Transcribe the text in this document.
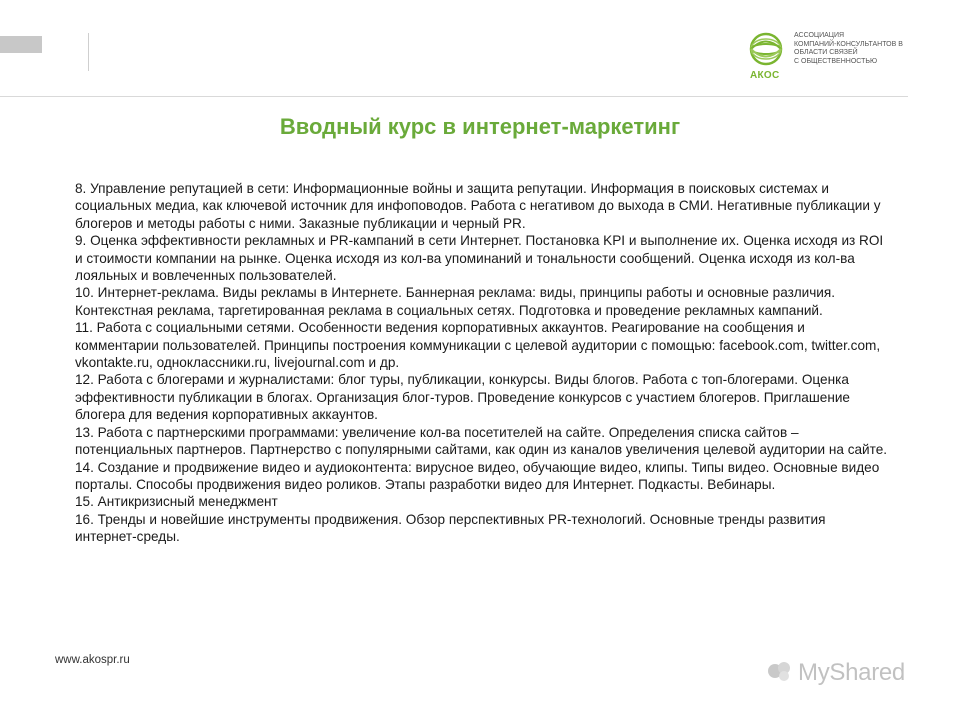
АКОС
АССОЦИАЦИЯ
КОМПАНИЙ-КОНСУЛЬТАНТОВ В
ОБЛАСТИ СВЯЗЕЙ
С ОБЩЕСТВЕННОСТЬЮ
Вводный курс в интернет-маркетинг

8. Управление репутацией в сети: Информационные войны и защита репутации. Информация в поисковых системах и социальных медиа, как ключевой источник для инфоповодов. Работа с негативом до выхода в СМИ. Негативные публикации у блогеров и методы работы с ними. Заказные публикации и черный PR.

9. Оценка эффективности рекламных и PR-кампаний в сети Интернет. Постановка KPI и выполнение их. Оценка исходя из ROI и стоимости компании на рынке. Оценка исходя из кол-ва упоминаний и тональности сообщений. Оценка исходя из кол-ва лояльных и вовлеченных пользователей.

10. Интернет-реклама. Виды рекламы в Интернете. Баннерная реклама: виды, принципы работы и основные различия. Контекстная реклама, таргетированная реклама в социальных сетях. Подготовка и проведение рекламных кампаний.

11. Работа с социальными сетями. Особенности ведения корпоративных аккаунтов. Реагирование на сообщения и комментарии пользователей. Принципы построения коммуникации с целевой аудитории с помощью: facebook.com, twitter.com, vkontakte.ru, одноклассники.ru, livejournal.com и др.

12. Работа с блогерами и журналистами: блог туры, публикации, конкурсы. Виды блогов. Работа с топ-блогерами. Оценка эффективности публикации в блогах. Организация блог-туров. Проведение конкурсов с участием блогеров. Приглашение блогера для ведения корпоративных аккаунтов.

13. Работа с партнерскими программами: увеличение кол-ва посетителей на сайте. Определения списка сайтов – потенциальных партнеров. Партнерство с популярными сайтами, как один из каналов увеличения целевой аудитории на сайте.

14. Создание и продвижение видео и аудиоконтента: вирусное видео, обучающие видео, клипы. Типы видео. Основные видео порталы. Способы продвижения видео роликов. Этапы разработки видео для Интернет. Подкасты. Вебинары.

15. Антикризисный менеджмент

16. Тренды и новейшие инструменты продвижения. Обзор перспективных PR-технологий. Основные тренды развития интернет-среды.

www.akospr.ru	MyShared
